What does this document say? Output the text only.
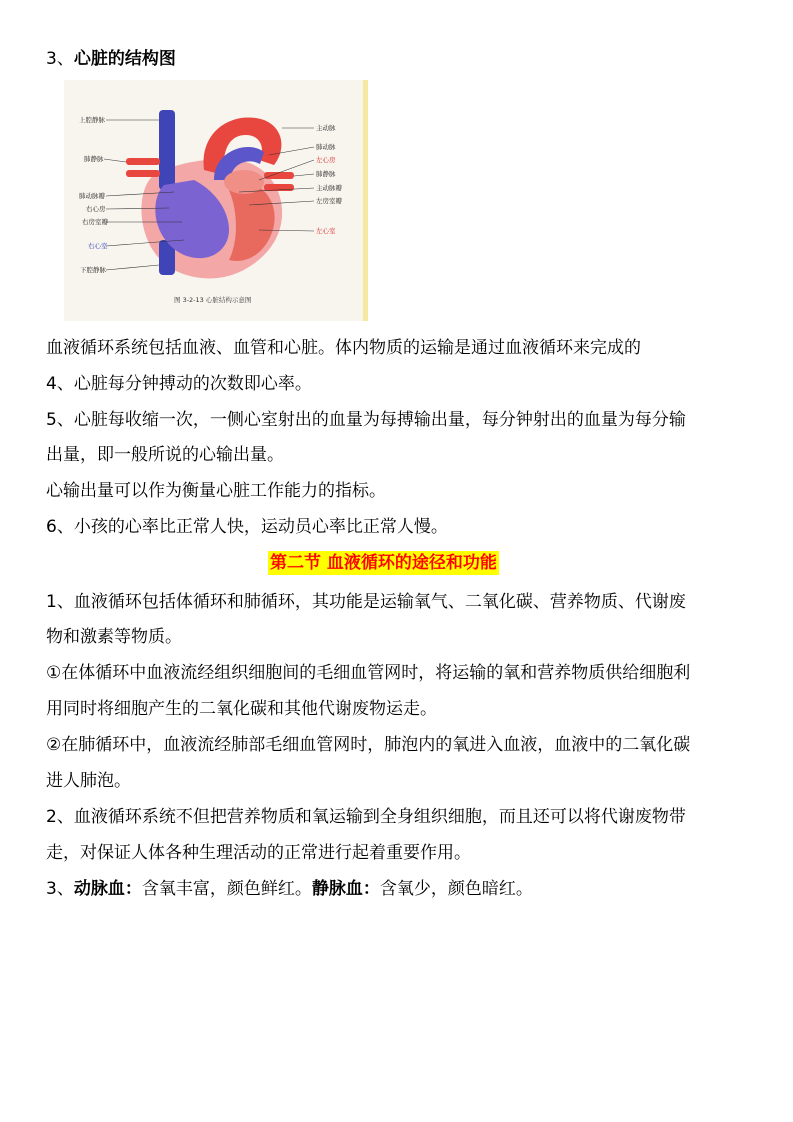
3、心脏的结构图
上腔静脉
肺静脉
肺动脉瓣
右心房
右房室瓣
右心室
下腔静脉
主动脉
肺动脉
左心房
肺静脉
主动脉瓣
左房室瓣
左心室
图 3-2-13 心脏结构示意图
血液循环系统包括血液、血管和心脏。体内物质的运输是通过血液循环来完成的
4、心脏每分钟搏动的次数即心率。
5、心脏每收缩一次，一侧心室射出的血量为每搏输出量，每分钟射出的血量为每分输
出量，即一般所说的心输出量。
心输出量可以作为衡量心脏工作能力的指标。
6、小孩的心率比正常人快，运动员心率比正常人慢。
第二节 血液循环的途径和功能
1、血液循环包括体循环和肺循环，其功能是运输氧气、二氧化碳、营养物质、代谢废
物和激素等物质。
①在体循环中血液流经组织细胞间的毛细血管网时，将运输的氧和营养物质供给细胞利
用同时将细胞产生的二氧化碳和其他代谢废物运走。
②在肺循环中，血液流经肺部毛细血管网时，肺泡内的氧进入血液，血液中的二氧化碳
进人肺泡。
2、血液循环系统不但把营养物质和氧运输到全身组织细胞，而且还可以将代谢废物带
走，对保证人体各种生理活动的正常进行起着重要作用。
3、动脉血：含氧丰富，颜色鲜红。静脉血：含氧少，颜色暗红。
